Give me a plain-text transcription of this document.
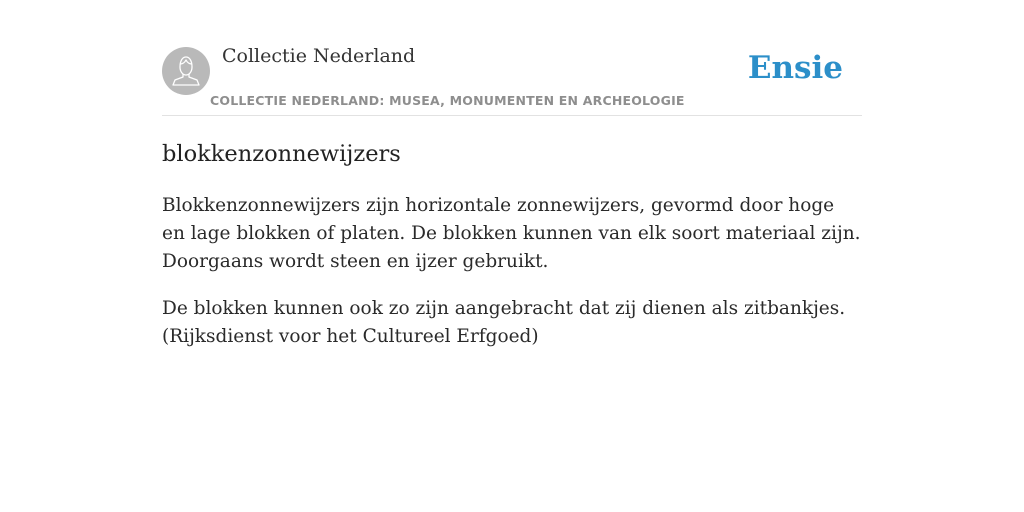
Collectie Nederland
COLLECTIE NEDERLAND: MUSEA, MONUMENTEN EN ARCHEOLOGIE
Ensie
blokkenzonnewijzers

Blokkenzonnewijzers zijn horizontale zonnewijzers, gevormd door hoge en lage blokken of platen. De blokken kunnen van elk soort materiaal zijn. Doorgaans wordt steen en ijzer gebruikt.

De blokken kunnen ook zo zijn aangebracht dat zij dienen als zitbankjes. (Rijksdienst voor het Cultureel Erfgoed)
